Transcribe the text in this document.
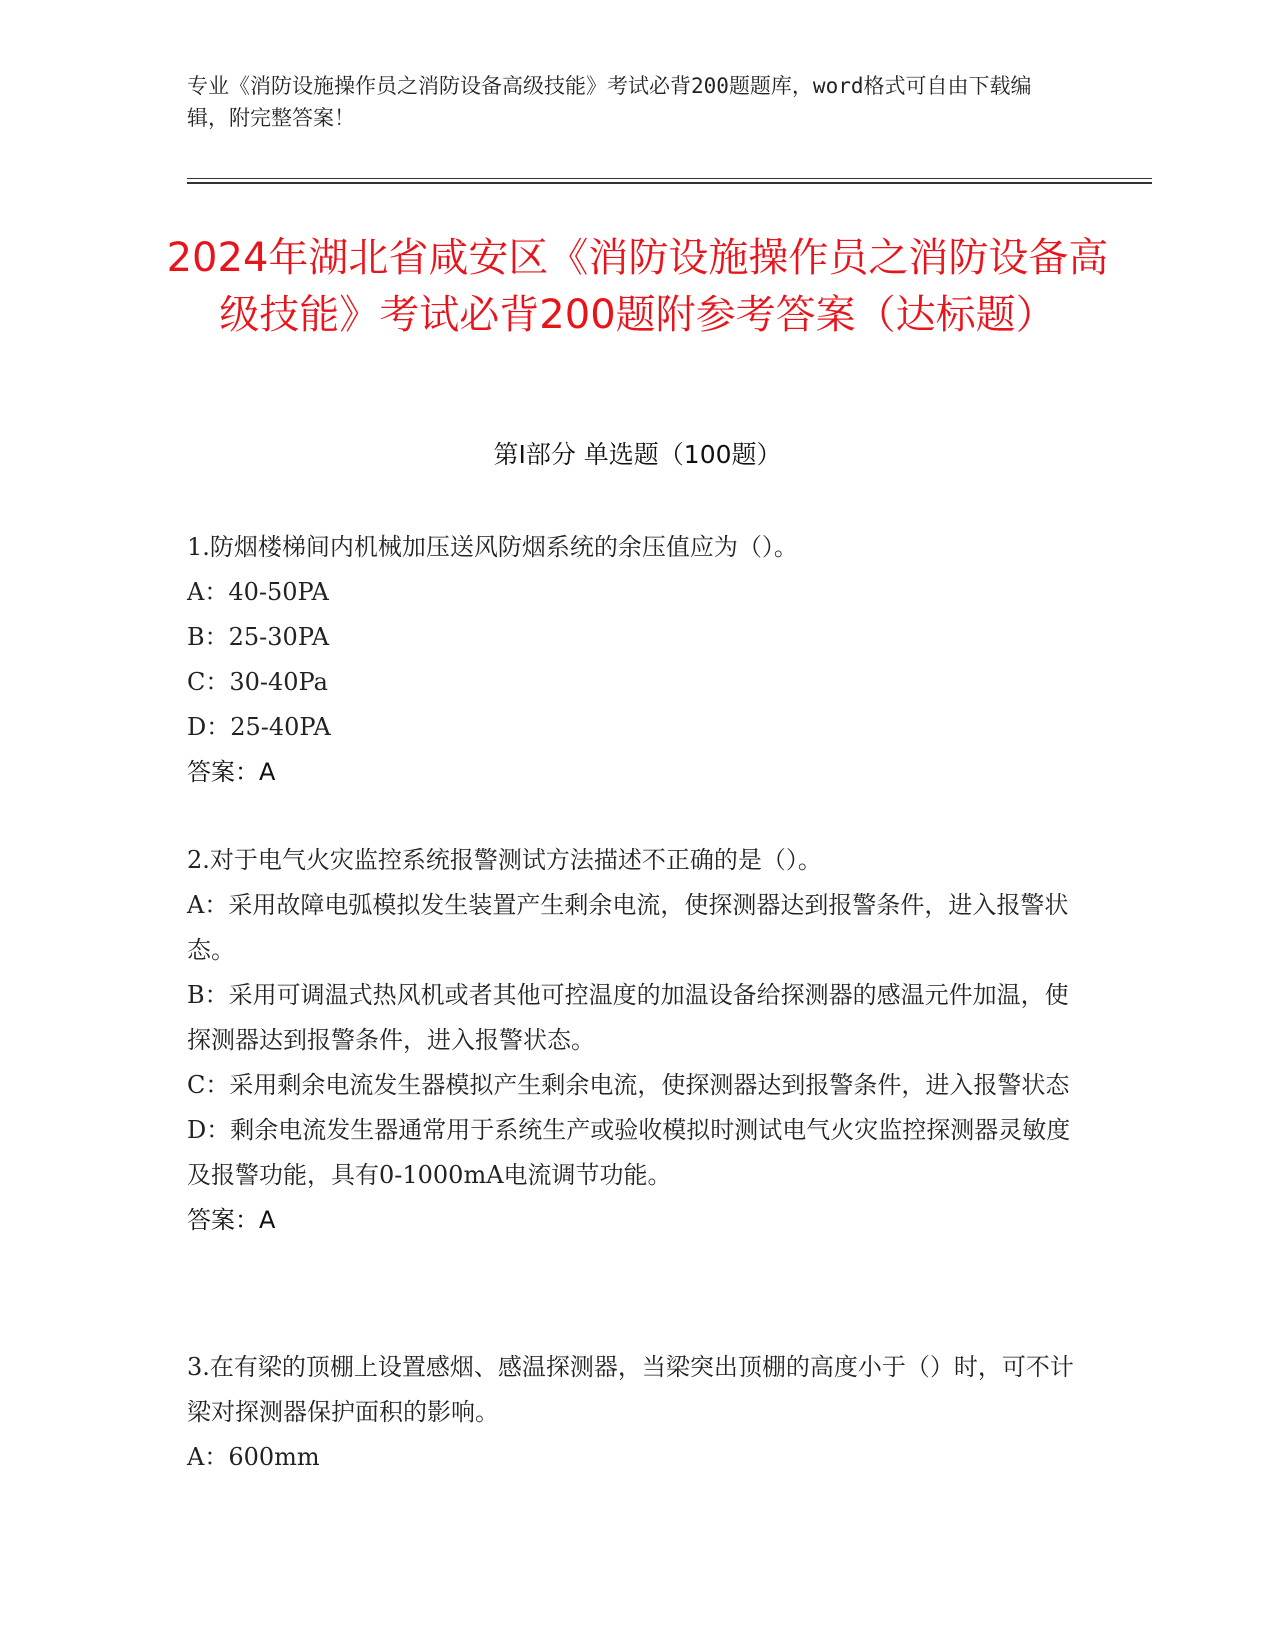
专业《消防设施操作员之消防设备高级技能》考试必背200题题库，word格式可自由下载编辑，附完整答案！
2024年湖北省咸安区《消防设施操作员之消防设备高级技能》考试必背200题附参考答案（达标题）
第I部分 单选题（100题）

1.防烟楼梯间内机械加压送风防烟系统的余压值应为（）。

A：40-50PA

B：25-30PA

C：30-40Pa

D：25-40PA

答案：A

2.对于电气火灾监控系统报警测试方法描述不正确的是（）。

A：采用故障电弧模拟发生装置产生剩余电流，使探测器达到报警条件，进入报警状态。

B：采用可调温式热风机或者其他可控温度的加温设备给探测器的感温元件加温，使探测器达到报警条件，进入报警状态。

C：采用剩余电流发生器模拟产生剩余电流，使探测器达到报警条件，进入报警状态

D：剩余电流发生器通常用于系统生产或验收模拟时测试电气火灾监控探测器灵敏度及报警功能，具有0-1000mA电流调节功能。

答案：A

3.在有梁的顶棚上设置感烟、感温探测器，当梁突出顶棚的高度小于（）时，可不计梁对探测器保护面积的影响。

A：600mm
